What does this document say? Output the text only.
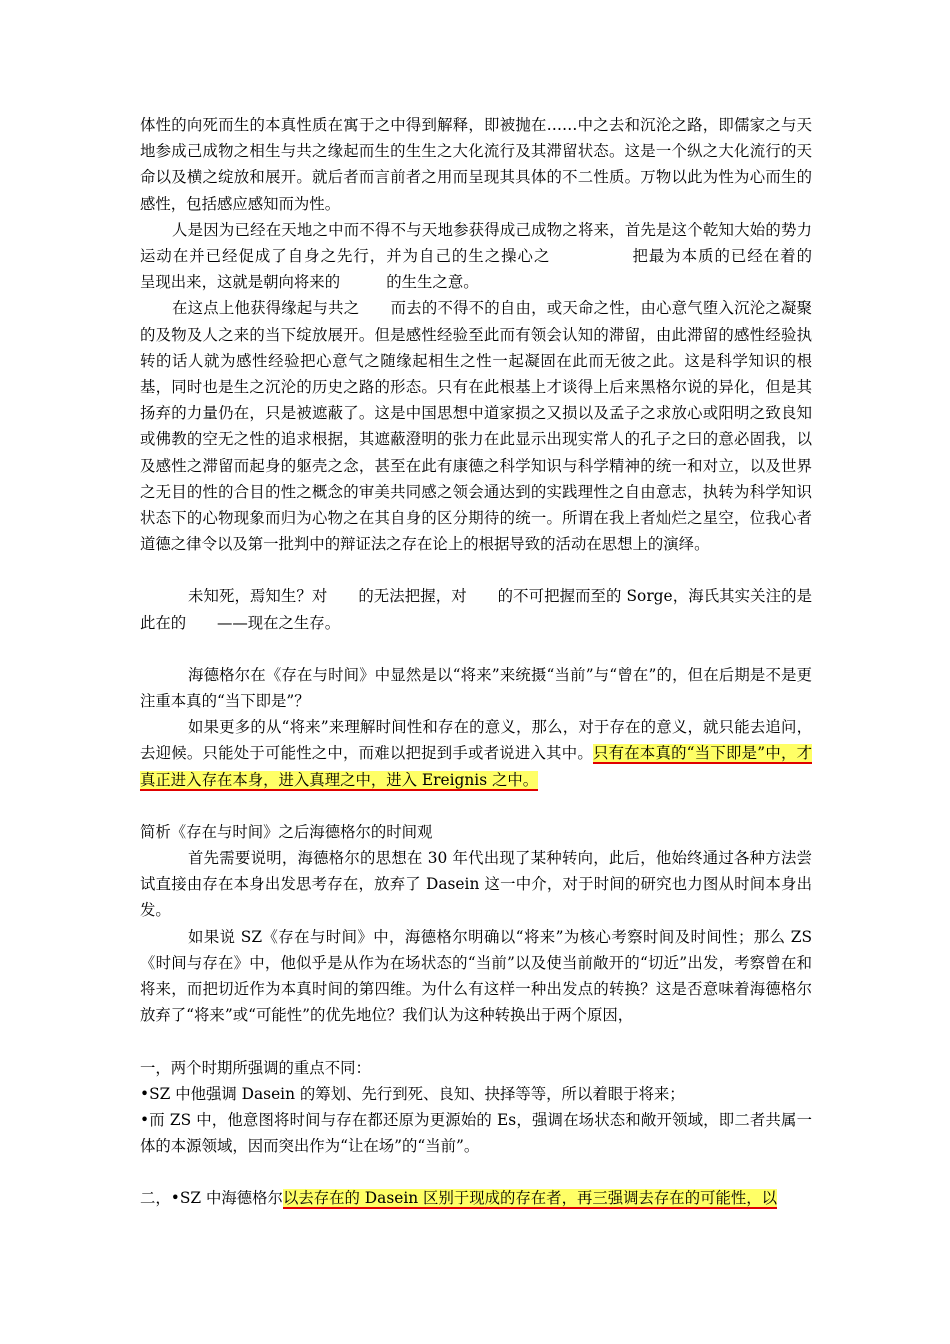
体性的向死而生的本真性质在寓于之中得到解释，即被抛在……中之去和沉沦之路，即儒家之与天地参成己成物之相生与共之缘起而生的生生之大化流行及其滞留状态。这是一个纵之大化流行的天命以及横之绽放和展开。就后者而言前者之用而呈现其具体的不二性质。万物以此为性为心而生的感性，包括感应感知而为性。

人是因为已经在天地之中而不得不与天地参获得成己成物之将来，首先是这个乾知大始的势力运动在并已经促成了自身之先行，并为自己的生之操心之　　　　　把最为本质的已经在着的　　　　　　　　呈现出来，这就是朝向将来的　　　的生生之意。

在这点上他获得缘起与共之　　而去的不得不的自由，或天命之性，由心意气堕入沉沦之凝聚的及物及人之来的当下绽放展开。但是感性经验至此而有领会认知的滞留，由此滞留的感性经验执转的话人就为感性经验把心意气之随缘起相生之性一起凝固在此而无彼之此。这是科学知识的根基，同时也是生之沉沦的历史之路的形态。只有在此根基上才谈得上后来黑格尔说的异化，但是其扬弃的力量仍在，只是被遮蔽了。这是中国思想中道家损之又损以及孟子之求放心或阳明之致良知或佛教的空无之性的追求根据，其遮蔽澄明的张力在此显示出现实常人的孔子之曰的意必固我，以及感性之滞留而起身的躯壳之念，甚至在此有康德之科学知识与科学精神的统一和对立，以及世界之无目的性的合目的性之概念的审美共同感之领会通达到的实践理性之自由意志，执转为科学知识状态下的心物现象而归为心物之在其自身的区分期待的统一。所谓在我上者灿烂之星空，位我心者道德之律令以及第一批判中的辩证法之存在论上的根据导致的活动在思想上的演绎。

未知死，焉知生？对　　的无法把握，对　　的不可把握而至的 Sorge，海氏其实关注的是此在的　　——现在之生存。

海德格尔在《存在与时间》中显然是以“将来”来统摄“当前”与“曾在”的，但在后期是不是更注重本真的“当下即是”？

如果更多的从“将来”来理解时间性和存在的意义，那么，对于存在的意义，就只能去追问，去迎候。只能处于可能性之中，而难以把捉到手或者说进入其中。只有在本真的“当下即是”中，才真正进入存在本身，进入真理之中，进入 Ereignis 之中。

简析《存在与时间》之后海德格尔的时间观

首先需要说明，海德格尔的思想在 30 年代出现了某种转向，此后，他始终通过各种方法尝试直接由存在本身出发思考存在，放弃了 Dasein 这一中介，对于时间的研究也力图从时间本身出发。

如果说 SZ《存在与时间》中，海德格尔明确以“将来”为核心考察时间及时间性；那么 ZS《时间与存在》中，他似乎是从作为在场状态的“当前”以及使当前敞开的“切近”出发，考察曾在和将来，而把切近作为本真时间的第四维。为什么有这样一种出发点的转换？这是否意味着海德格尔放弃了“将来”或“可能性”的优先地位？我们认为这种转换出于两个原因，

一，两个时期所强调的重点不同：

•SZ 中他强调 Dasein 的筹划、先行到死、良知、抉择等等，所以着眼于将来；

•而 ZS 中，他意图将时间与存在都还原为更源始的 Es，强调在场状态和敞开领域，即二者共属一体的本源领域，因而突出作为“让在场”的“当前”。

二，•SZ 中海德格尔以去存在的 Dasein 区别于现成的存在者，再三强调去存在的可能性，以
